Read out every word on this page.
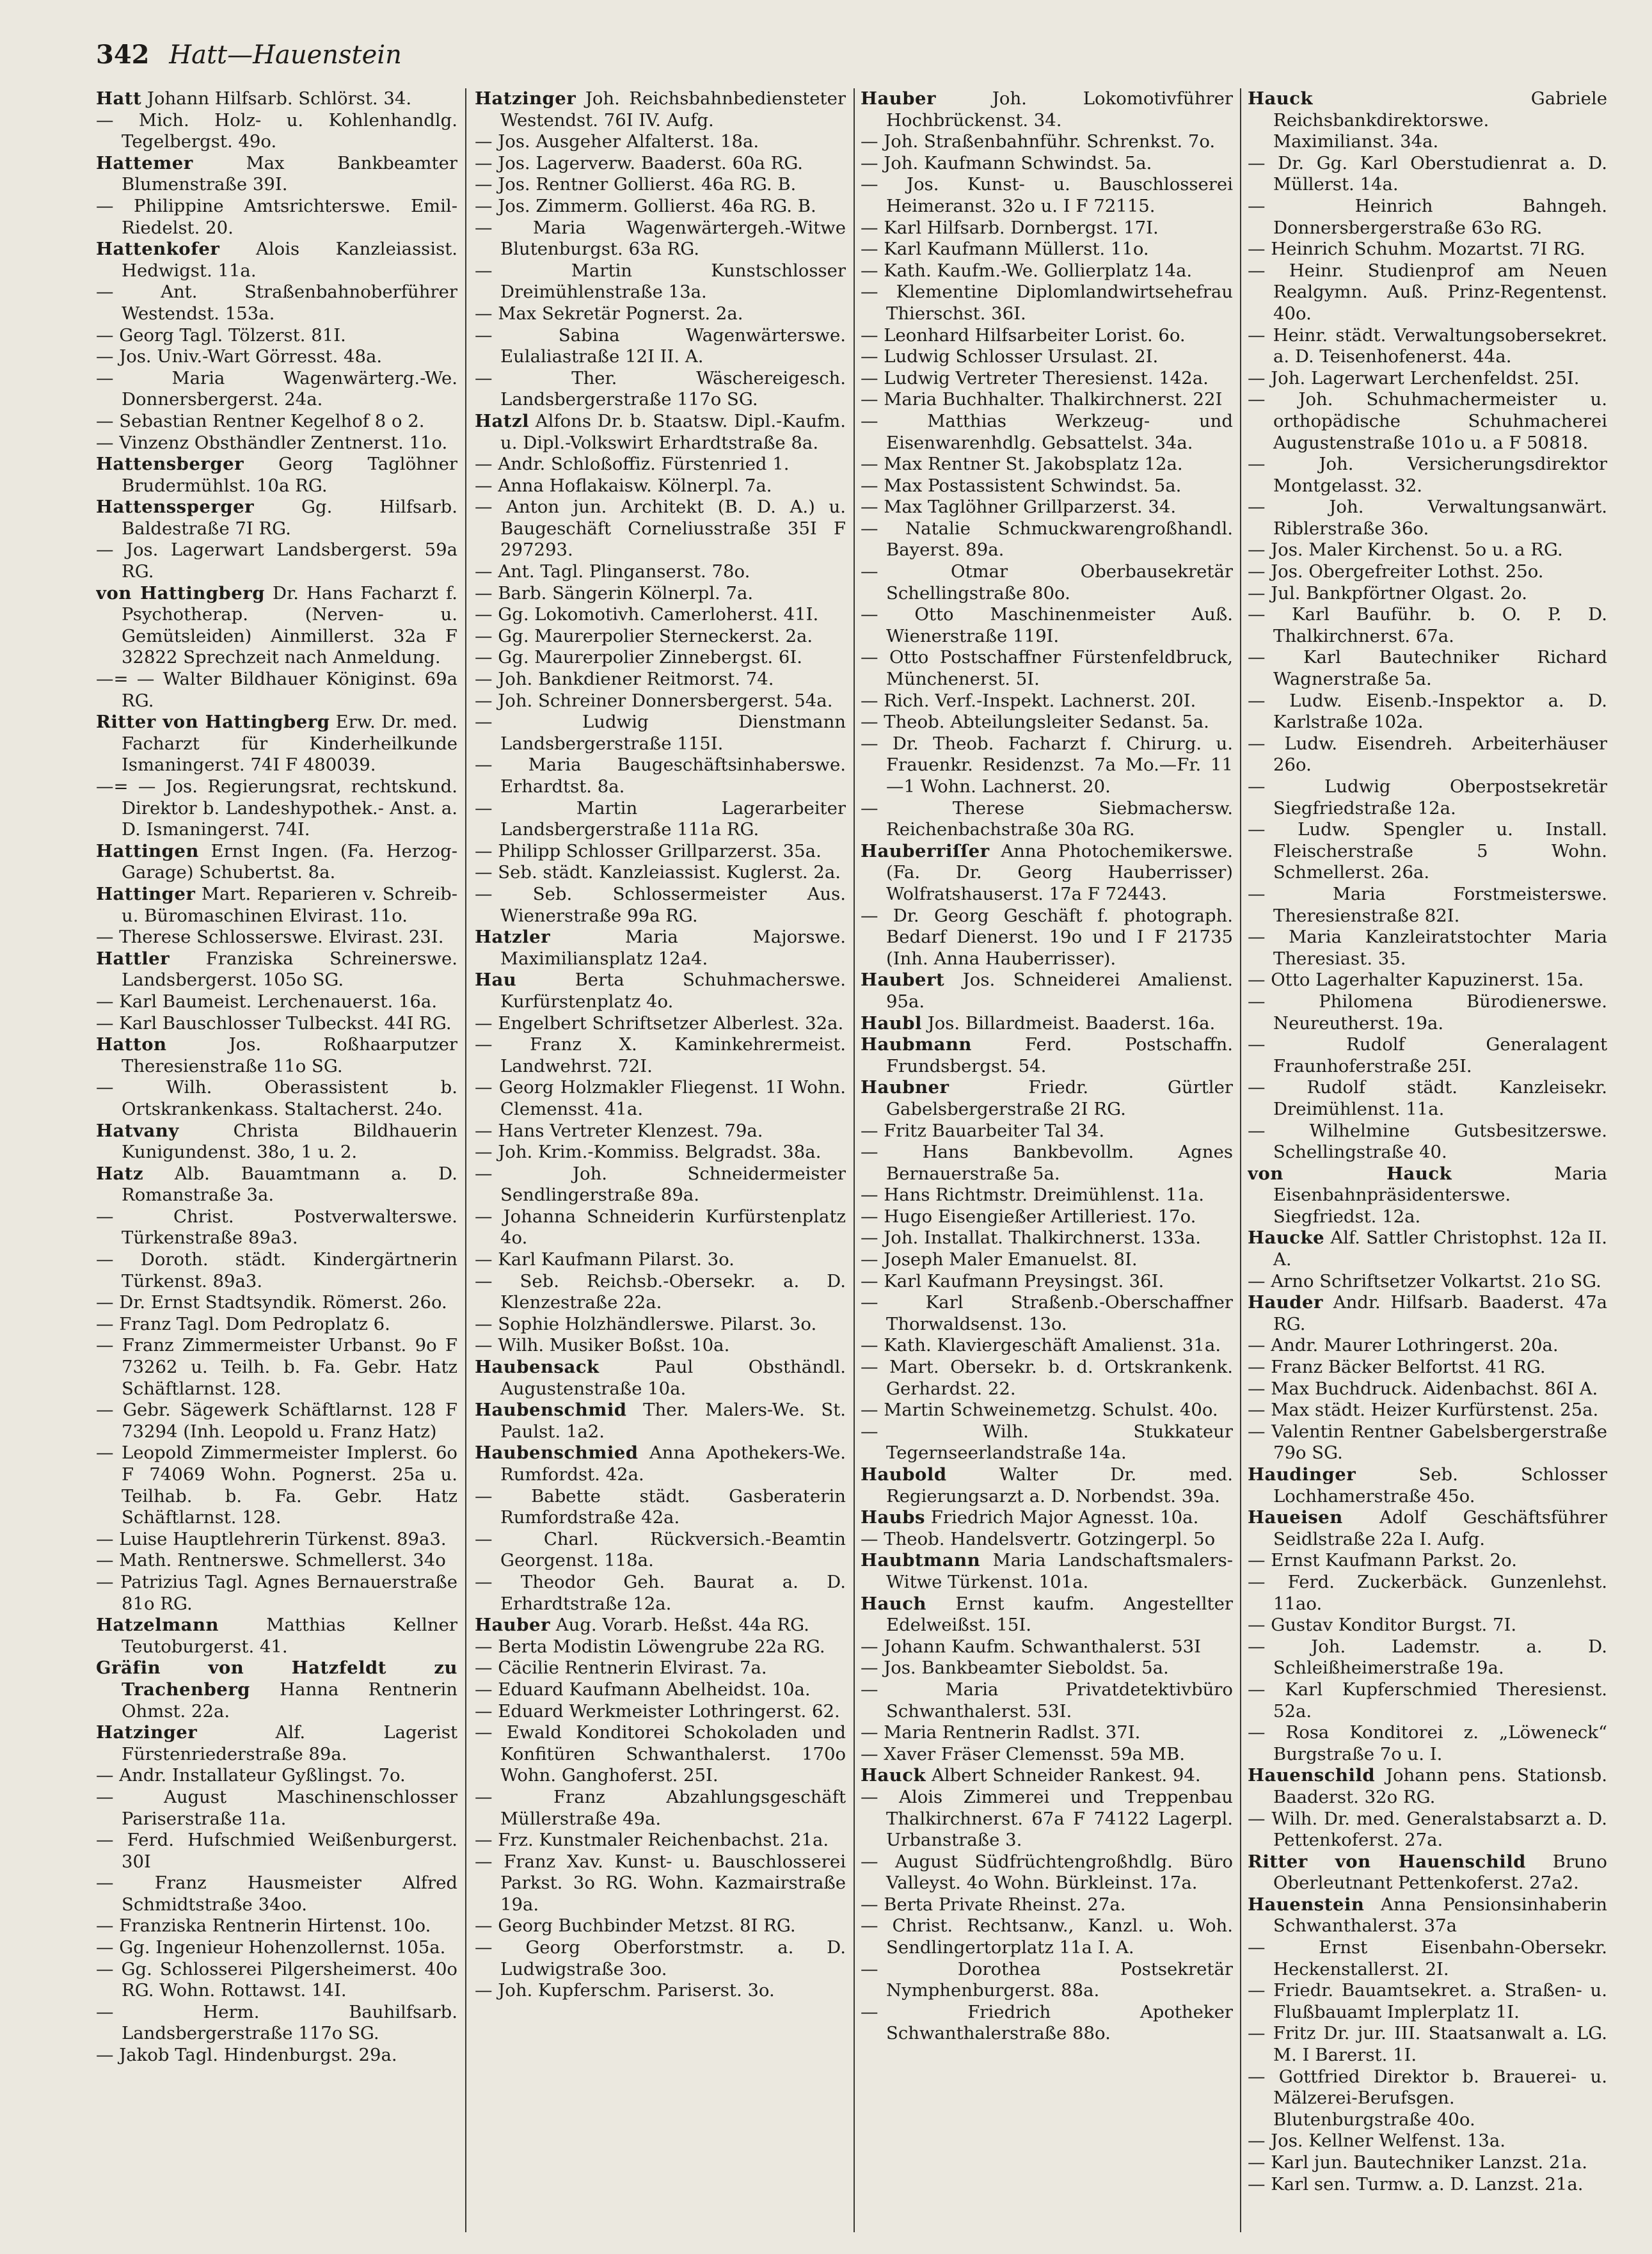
342 Hatt—Hauenstein
Hatt Johann Hilfsarb. Schlörst. 34.
— Mich. Holz- u. Kohlenhandlg. Tegelbergst. 49o.
Hattemer Max Bankbeamter Blumenstraße 39I.
— Philippine Amtsrichterswe. Emil-Riedelst. 20.
Hattenkofer Alois Kanzleiassist. Hedwigst. 11a.
— Ant. Straßenbahnoberführer Westendst. 153a.
— Georg Tagl. Tölzerst. 81I.
— Jos. Univ.-Wart Görresst. 48a.
— Maria Wagenwärterg.-We. Donnersbergerst. 24a.
— Sebastian Rentner Kegelhof 8 o 2.
— Vinzenz Obsthändler Zentnerst. 11o.
Hattensberger Georg Taglöhner Brudermühlst. 10a RG.
Hattenssperger Gg. Hilfsarb. Baldestraße 7I RG.
— Jos. Lagerwart Landsbergerst. 59a RG.
von Hattingberg Dr. Hans Facharzt f. Psychotherap. (Nerven- u. Gemütsleiden) Ainmillerst. 32a F 32822 Sprechzeit nach Anmeldung.
—= — Walter Bildhauer Königinst. 69a RG.
Ritter von Hattingberg Erw. Dr. med. Facharzt für Kinderheilkunde Ismaningerst. 74I F 480039.
—= — Jos. Regierungsrat, rechtskund. Direktor b. Landeshypothek.- Anst. a. D. Ismaningerst. 74I.
Hattingen Ernst Ingen. (Fa. Herzog-Garage) Schubertst. 8a.
Hattinger Mart. Reparieren v. Schreib- u. Büromaschinen Elvirast. 11o.
— Therese Schlosserswe. Elvirast. 23I.
Hattler Franziska Schreinerswe. Landsbergerst. 105o SG.
— Karl Baumeist. Lerchenauerst. 16a.
— Karl Bauschlosser Tulbeckst. 44I RG.
Hatton Jos. Roßhaarputzer Theresienstraße 11o SG.
— Wilh. Oberassistent b. Ortskrankenkass. Staltacherst. 24o.
Hatvany Christa Bildhauerin Kunigundenst. 38o, 1 u. 2.
Hatz Alb. Bauamtmann a. D. Romanstraße 3a.
— Christ. Postverwalterswe. Türkenstraße 89a3.
— Doroth. städt. Kindergärtnerin Türkenst. 89a3.
— Dr. Ernst Stadtsyndik. Römerst. 26o.
— Franz Tagl. Dom Pedroplatz 6.
— Franz Zimmermeister Urbanst. 9o F 73262 u. Teilh. b. Fa. Gebr. Hatz Schäftlarnst. 128.
— Gebr. Sägewerk Schäftlarnst. 128 F 73294 (Inh. Leopold u. Franz Hatz)
— Leopold Zimmermeister Implerst. 6o F 74069 Wohn. Pognerst. 25a u. Teilhab. b. Fa. Gebr. Hatz Schäftlarnst. 128.
— Luise Hauptlehrerin Türkenst. 89a3.
— Math. Rentnerswe. Schmellerst. 34o
— Patrizius Tagl. Agnes Bernauerstraße 81o RG.
Hatzelmann Matthias Kellner Teutoburgerst. 41.
Gräfin von Hatzfeldt zu Trachenberg Hanna Rentnerin Ohmst. 22a.
Hatzinger Alf. Lagerist Fürstenriederstraße 89a.
— Andr. Installateur Gyßlingst. 7o.
— August Maschinenschlosser Pariserstraße 11a.
— Ferd. Hufschmied Weißenburgerst. 30I
— Franz Hausmeister Alfred Schmidtstraße 34oo.
— Franziska Rentnerin Hirtenst. 10o.
— Gg. Ingenieur Hohenzollernst. 105a.
— Gg. Schlosserei Pilgersheimerst. 40o RG. Wohn. Rottawst. 14I.
— Herm. Bauhilfsarb. Landsbergerstraße 117o SG.
— Jakob Tagl. Hindenburgst. 29a.
Hatzinger Joh. Reichsbahnbediensteter Westendst. 76I IV. Aufg.
— Jos. Ausgeher Alfalterst. 18a.
— Jos. Lagerverw. Baaderst. 60a RG.
— Jos. Rentner Gollierst. 46a RG. B.
— Jos. Zimmerm. Gollierst. 46a RG. B.
— Maria Wagenwärtergeh.-Witwe Blutenburgst. 63a RG.
— Martin Kunstschlosser Dreimühlenstraße 13a.
— Max Sekretär Pognerst. 2a.
— Sabina Wagenwärterswe. Eulaliastraße 12I II. A.
— Ther. Wäschereigesch. Landsbergerstraße 117o SG.
Hatzl Alfons Dr. b. Staatsw. Dipl.-Kaufm. u. Dipl.-Volkswirt Erhardtstraße 8a.
— Andr. Schloßoffiz. Fürstenried 1.
— Anna Hoflakaisw. Kölnerpl. 7a.
— Anton jun. Architekt (B. D. A.) u. Baugeschäft Corneliusstraße 35I F 297293.
— Ant. Tagl. Plinganserst. 78o.
— Barb. Sängerin Kölnerpl. 7a.
— Gg. Lokomotivh. Camerloherst. 41I.
— Gg. Maurerpolier Sterneckerst. 2a.
— Gg. Maurerpolier Zinnebergst. 6I.
— Joh. Bankdiener Reitmorst. 74.
— Joh. Schreiner Donnersbergerst. 54a.
— Ludwig Dienstmann Landsbergerstraße 115I.
— Maria Baugeschäftsinhaberswe. Erhardtst. 8a.
— Martin Lagerarbeiter Landsbergerstraße 111a RG.
— Philipp Schlosser Grillparzerst. 35a.
— Seb. städt. Kanzleiassist. Kuglerst. 2a.
— Seb. Schlossermeister Aus. Wienerstraße 99a RG.
Hatzler Maria Majorswe. Maximiliansplatz 12a4.
Hau Berta Schuhmacherswe. Kurfürstenplatz 4o.
— Engelbert Schriftsetzer Alberlest. 32a.
— Franz X. Kaminkehrermeist. Landwehrst. 72I.
— Georg Holzmakler Fliegenst. 1I Wohn. Clemensst. 41a.
— Hans Vertreter Klenzest. 79a.
— Joh. Krim.-Kommiss. Belgradst. 38a.
— Joh. Schneidermeister Sendlingerstraße 89a.
— Johanna Schneiderin Kurfürstenplatz 4o.
— Karl Kaufmann Pilarst. 3o.
— Seb. Reichsb.-Obersekr. a. D. Klenzestraße 22a.
— Sophie Holzhändlerswe. Pilarst. 3o.
— Wilh. Musiker Boßst. 10a.
Haubensack Paul Obsthändl. Augustenstraße 10a.
Haubenschmid Ther. Malers-We. St. Paulst. 1a2.
Haubenschmied Anna Apothekers-We. Rumfordst. 42a.
— Babette städt. Gasberaterin Rumfordstraße 42a.
— Charl. Rückversich.-Beamtin Georgenst. 118a.
— Theodor Geh. Baurat a. D. Erhardtstraße 12a.
Hauber Aug. Vorarb. Heßst. 44a RG.
— Berta Modistin Löwengrube 22a RG.
— Cäcilie Rentnerin Elvirast. 7a.
— Eduard Kaufmann Abelheidst. 10a.
— Eduard Werkmeister Lothringerst. 62.
— Ewald Konditorei Schokoladen und Konfitüren Schwanthalerst. 170o Wohn. Ganghoferst. 25I.
— Franz Abzahlungsgeschäft Müllerstraße 49a.
— Frz. Kunstmaler Reichenbachst. 21a.
— Franz Xav. Kunst- u. Bauschlosserei Parkst. 3o RG. Wohn. Kazmairstraße 19a.
— Georg Buchbinder Metzst. 8I RG.
— Georg Oberforstmstr. a. D. Ludwigstraße 3oo.
— Joh. Kupferschm. Pariserst. 3o.
Hauber Joh. Lokomotivführer Hochbrückenst. 34.
— Joh. Straßenbahnführ. Schrenkst. 7o.
— Joh. Kaufmann Schwindst. 5a.
— Jos. Kunst- u. Bauschlosserei Heimeranst. 32o u. I F 72115.
— Karl Hilfsarb. Dornbergst. 17I.
— Karl Kaufmann Müllerst. 11o.
— Kath. Kaufm.-We. Gollierplatz 14a.
— Klementine Diplomlandwirtsehefrau Thierschst. 36I.
— Leonhard Hilfsarbeiter Lorist. 6o.
— Ludwig Schlosser Ursulast. 2I.
— Ludwig Vertreter Theresienst. 142a.
— Maria Buchhalter. Thalkirchnerst. 22I
— Matthias Werkzeug- und Eisenwarenhdlg. Gebsattelst. 34a.
— Max Rentner St. Jakobsplatz 12a.
— Max Postassistent Schwindst. 5a.
— Max Taglöhner Grillparzerst. 34.
— Natalie Schmuckwarengroßhandl. Bayerst. 89a.
— Otmar Oberbausekretär Schellingstraße 80o.
— Otto Maschinenmeister Auß. Wienerstraße 119I.
— Otto Postschaffner Fürstenfeldbruck, Münchenerst. 5I.
— Rich. Verf.-Inspekt. Lachnerst. 20I.
— Theob. Abteilungsleiter Sedanst. 5a.
— Dr. Theob. Facharzt f. Chirurg. u. Frauenkr. Residenzst. 7a Mo.—Fr. 11—1 Wohn. Lachnerst. 20.
— Therese Siebmachersw. Reichenbachstraße 30a RG.
Hauberriſſer Anna Photochemikerswe. (Fa. Dr. Georg Hauberrisser) Wolfratshauserst. 17a F 72443.
— Dr. Georg Geschäft f. photograph. Bedarf Dienerst. 19o und I F 21735 (Inh. Anna Hauberrisser).
Haubert Jos. Schneiderei Amalienst. 95a.
Haubl Jos. Billardmeist. Baaderst. 16a.
Haubmann Ferd. Postschaffn. Frundsbergst. 54.
Haubner Friedr. Gürtler Gabelsbergerstraße 2I RG.
— Fritz Bauarbeiter Tal 34.
— Hans Bankbevollm. Agnes Bernauerstraße 5a.
— Hans Richtmstr. Dreimühlenst. 11a.
— Hugo Eisengießer Artilleriest. 17o.
— Joh. Installat. Thalkirchnerst. 133a.
— Joseph Maler Emanuelst. 8I.
— Karl Kaufmann Preysingst. 36I.
— Karl Straßenb.-Oberschaffner Thorwaldsenst. 13o.
— Kath. Klaviergeschäft Amalienst. 31a.
— Mart. Obersekr. b. d. Ortskrankenk. Gerhardst. 22.
— Martin Schweinemetzg. Schulst. 40o.
— Wilh. Stukkateur Tegernseerlandstraße 14a.
Haubold Walter Dr. med. Regierungsarzt a. D. Norbendst. 39a.
Haubs Friedrich Major Agnesst. 10a.
— Theob. Handelsvertr. Gotzingerpl. 5o
Haubtmann Maria Landschaftsmalers-Witwe Türkenst. 101a.
Hauch Ernst kaufm. Angestellter Edelweißst. 15I.
— Johann Kaufm. Schwanthalerst. 53I
— Jos. Bankbeamter Sieboldst. 5a.
— Maria Privatdetektivbüro Schwanthalerst. 53I.
— Maria Rentnerin Radlst. 37I.
— Xaver Fräser Clemensst. 59a MB.
Hauck Albert Schneider Rankest. 94.
— Alois Zimmerei und Treppenbau Thalkirchnerst. 67a F 74122 Lagerpl. Urbanstraße 3.
— August Südfrüchtengroßhdlg. Büro Valleyst. 4o Wohn. Bürkleinst. 17a.
— Berta Private Rheinst. 27a.
— Christ. Rechtsanw., Kanzl. u. Woh. Sendlingertorplatz 11a I. A.
— Dorothea Postsekretär Nymphenburgerst. 88a.
— Friedrich Apotheker Schwanthalerstraße 88o.
Hauck Gabriele Reichsbankdirektorswe. Maximilianst. 34a.
— Dr. Gg. Karl Oberstudienrat a. D. Müllerst. 14a.
— Heinrich Bahngeh. Donnersbergerstraße 63o RG.
— Heinrich Schuhm. Mozartst. 7I RG.
— Heinr. Studienprof am Neuen Realgymn. Auß. Prinz-Regentenst. 40o.
— Heinr. städt. Verwaltungsobersekret. a. D. Teisenhofenerst. 44a.
— Joh. Lagerwart Lerchenfeldst. 25I.
— Joh. Schuhmachermeister u. orthopädische Schuhmacherei Augustenstraße 101o u. a F 50818.
— Joh. Versicherungsdirektor Montgelasst. 32.
— Joh. Verwaltungsanwärt. Riblerstraße 36o.
— Jos. Maler Kirchenst. 5o u. a RG.
— Jos. Obergefreiter Lothst. 25o.
— Jul. Bankpförtner Olgast. 2o.
— Karl Bauführ. b. O. P. D. Thalkirchnerst. 67a.
— Karl Bautechniker Richard Wagnerstraße 5a.
— Ludw. Eisenb.-Inspektor a. D. Karlstraße 102a.
— Ludw. Eisendreh. Arbeiterhäuser 26o.
— Ludwig Oberpostsekretär Siegfriedstraße 12a.
— Ludw. Spengler u. Install. Fleischerstraße 5 Wohn. Schmellerst. 26a.
— Maria Forstmeisterswe. Theresienstraße 82I.
— Maria Kanzleiratstochter Maria Theresiast. 35.
— Otto Lagerhalter Kapuzinerst. 15a.
— Philomena Bürodienerswe. Neureutherst. 19a.
— Rudolf Generalagent Fraunhoferstraße 25I.
— Rudolf städt. Kanzleisekr. Dreimühlenst. 11a.
— Wilhelmine Gutsbesitzerswe. Schellingstraße 40.
von Hauck Maria Eisenbahnpräsidenterswe. Siegfriedst. 12a.
Haucke Alf. Sattler Christophst. 12a II. A.
— Arno Schriftsetzer Volkartst. 21o SG.
Hauder Andr. Hilfsarb. Baaderst. 47a RG.
— Andr. Maurer Lothringerst. 20a.
— Franz Bäcker Belfortst. 41 RG.
— Max Buchdruck. Aidenbachst. 86I A.
— Max städt. Heizer Kurfürstenst. 25a.
— Valentin Rentner Gabelsbergerstraße 79o SG.
Haudinger Seb. Schlosser Lochhamerstraße 45o.
Haueisen Adolf Geschäftsführer Seidlstraße 22a I. Aufg.
— Ernst Kaufmann Parkst. 2o.
— Ferd. Zuckerbäck. Gunzenlehst. 11ao.
— Gustav Konditor Burgst. 7I.
— Joh. Lademstr. a. D. Schleißheimerstraße 19a.
— Karl Kupferschmied Theresienst. 52a.
— Rosa Konditorei z. „Löweneck“ Burgstraße 7o u. I.
Hauenschild Johann pens. Stationsb. Baaderst. 32o RG.
— Wilh. Dr. med. Generalstabsarzt a. D. Pettenkoferst. 27a.
Ritter von Hauenschild Bruno Oberleutnant Pettenkoferst. 27a2.
Hauenstein Anna Pensionsinhaberin Schwanthalerst. 37a
— Ernst Eisenbahn-Obersekr. Heckenstallerst. 2I.
— Friedr. Bauamtsekret. a. Straßen- u. Flußbauamt Implerplatz 1I.
— Fritz Dr. jur. III. Staatsanwalt a. LG. M. I Barerst. 1I.
— Gottfried Direktor b. Brauerei- u. Mälzerei-Berufsgen. Blutenburgstraße 40o.
— Jos. Kellner Welfenst. 13a.
— Karl jun. Bautechniker Lanzst. 21a.
— Karl sen. Turmw. a. D. Lanzst. 21a.
